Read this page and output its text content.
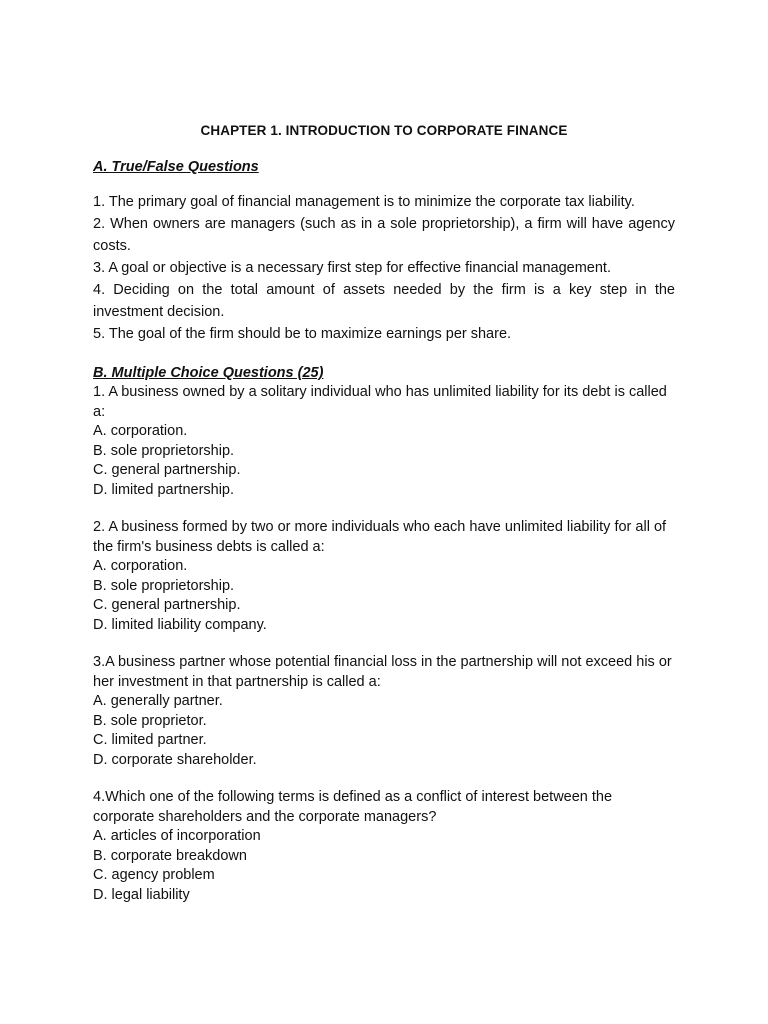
CHAPTER 1. INTRODUCTION TO CORPORATE FINANCE
A. True/False Questions
1. The primary goal of financial management is to minimize the corporate tax liability.
2. When owners are managers (such as in a sole proprietorship), a firm will have agency costs.
3. A goal or objective is a necessary first step for effective financial management.
4. Deciding on the total amount of assets needed by the firm is a key step in the investment decision.
5. The goal of the firm should be to maximize earnings per share.
B. Multiple Choice Questions (25)
1. A business owned by a solitary individual who has unlimited liability for its debt is called a:
A. corporation.
B. sole proprietorship.
C. general partnership.
D. limited partnership.
2. A business formed by two or more individuals who each have unlimited liability for all of the firm's business debts is called a:
A. corporation.
B. sole proprietorship.
C. general partnership.
D. limited liability company.
3.A business partner whose potential financial loss in the partnership will not exceed his or her investment in that partnership is called a:
A. generally partner.
B. sole proprietor.
C. limited partner.
D. corporate shareholder.
4.Which one of the following terms is defined as a conflict of interest between the corporate shareholders and the corporate managers?
A. articles of incorporation
B. corporate breakdown
C. agency problem
D. legal liability
